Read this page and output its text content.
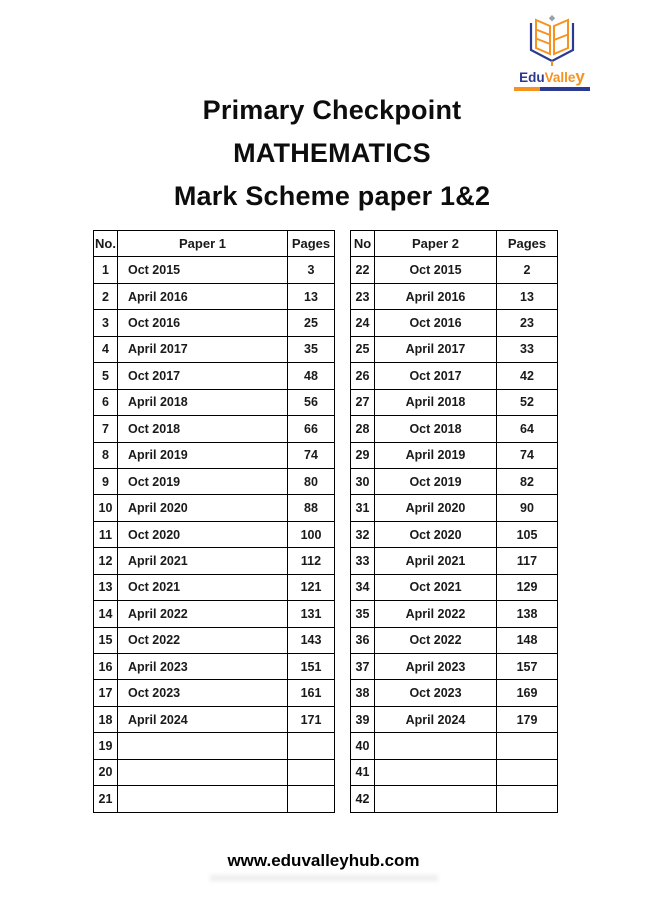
EduValley
Primary Checkpoint
MATHEMATICS
Mark Scheme paper 1&2
No.	Paper 1	Pages
1	Oct 2015	3
2	April 2016	13
3	Oct 2016	25
4	April 2017	35
5	Oct 2017	48
6	April 2018	56
7	Oct 2018	66
8	April 2019	74
9	Oct 2019	80
10	April 2020	88
11	Oct 2020	100
12	April 2021	112
13	Oct 2021	121
14	April 2022	131
15	Oct 2022	143
16	April 2023	151
17	Oct 2023	161
18	April 2024	171
19		
20		
21		
No	Paper 2	Pages
22	Oct 2015	2
23	April 2016	13
24	Oct 2016	23
25	April 2017	33
26	Oct 2017	42
27	April 2018	52
28	Oct 2018	64
29	April 2019	74
30	Oct 2019	82
31	April 2020	90
32	Oct 2020	105
33	April 2021	117
34	Oct 2021	129
35	April 2022	138
36	Oct 2022	148
37	April 2023	157
38	Oct 2023	169
39	April 2024	179
40		
41		
42		
www.eduvalleyhub.com
